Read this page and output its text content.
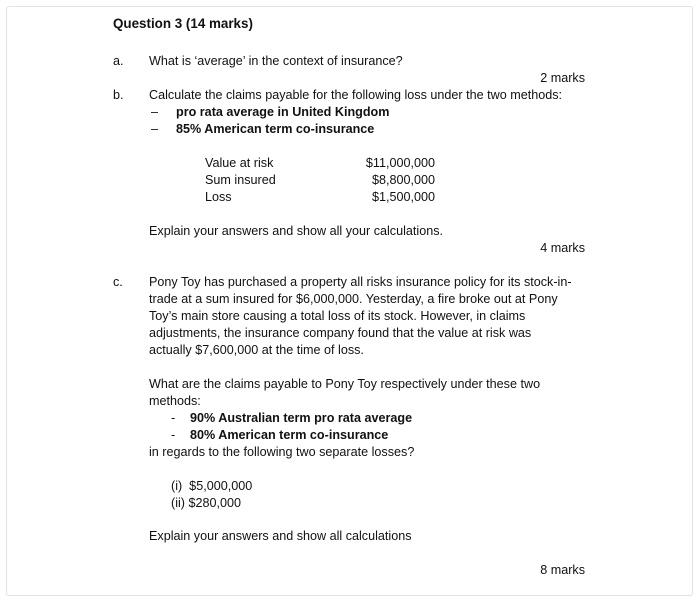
Question 3 (14 marks)
a. What is ‘average’ in the context of insurance?
2 marks
b. Calculate the claims payable for the following loss under the two methods:
– pro rata average in United Kingdom
– 85% American term co-insurance
Value at risk	$11,000,000
Sum insured	$8,800,000
Loss	$1,500,000
Explain your answers and show all your calculations.
4 marks
c. Pony Toy has purchased a property all risks insurance policy for its stock-in-
trade at a sum insured for $6,000,000. Yesterday, a fire broke out at Pony
Toy’s main store causing a total loss of its stock. However, in claims
adjustments, the insurance company found that the value at risk was
actually $7,600,000 at the time of loss.
What are the claims payable to Pony Toy respectively under these two
methods:
- 90% Australian term pro rata average
- 80% American term co-insurance
in regards to the following two separate losses?
(i)  $5,000,000
(ii) $280,000
Explain your answers and show all calculations
8 marks
